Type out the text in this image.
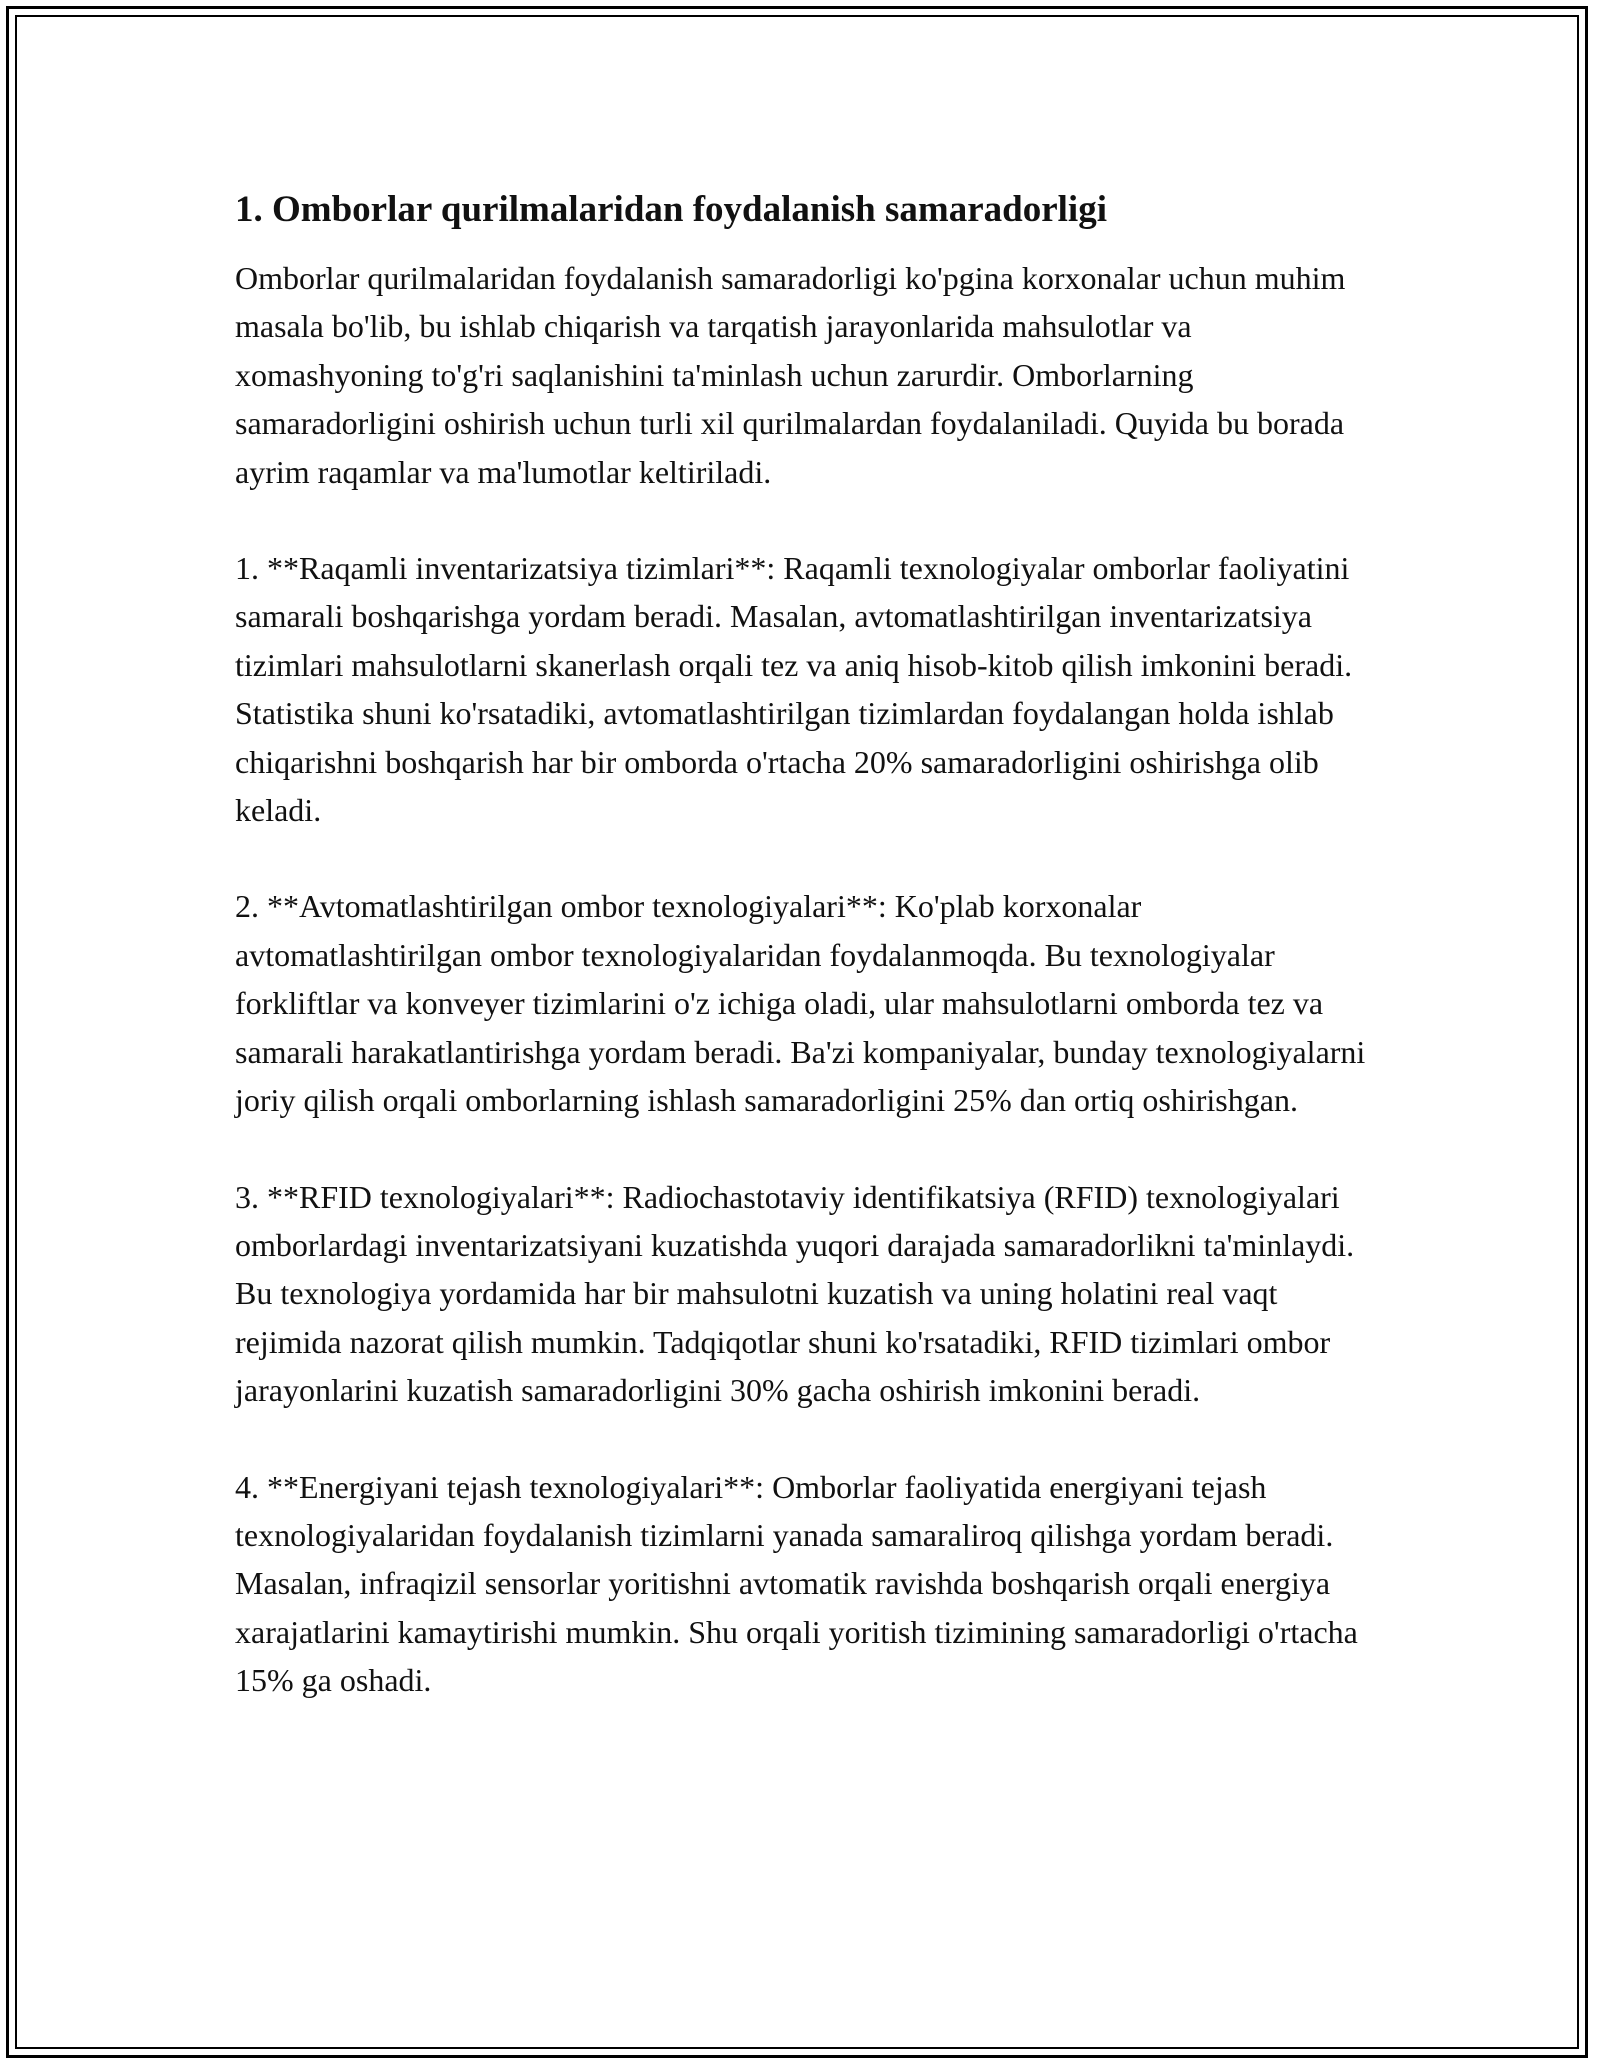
1. Omborlar qurilmalaridan foydalanish samaradorligi

Omborlar qurilmalaridan foydalanish samaradorligi ko'pgina korxonalar uchun muhim masala bo'lib, bu ishlab chiqarish va tarqatish jarayonlarida mahsulotlar va xomashyoning to'g'ri saqlanishini ta'minlash uchun zarurdir. Omborlarning samaradorligini oshirish uchun turli xil qurilmalardan foydalaniladi. Quyida bu borada ayrim raqamlar va ma'lumotlar keltiriladi.

1. **Raqamli inventarizatsiya tizimlari**: Raqamli texnologiyalar omborlar faoliyatini samarali boshqarishga yordam beradi. Masalan, avtomatlashtirilgan inventarizatsiya tizimlari mahsulotlarni skanerlash orqali tez va aniq hisob-kitob qilish imkonini beradi. Statistika shuni ko'rsatadiki, avtomatlashtirilgan tizimlardan foydalangan holda ishlab chiqarishni boshqarish har bir omborda o'rtacha 20% samaradorligini oshirishga olib keladi.

2. **Avtomatlashtirilgan ombor texnologiyalari**: Ko'plab korxonalar avtomatlashtirilgan ombor texnologiyalaridan foydalanmoqda. Bu texnologiyalar forkliftlar va konveyer tizimlarini o'z ichiga oladi, ular mahsulotlarni omborda tez va samarali harakatlantirishga yordam beradi. Ba'zi kompaniyalar, bunday texnologiyalarni joriy qilish orqali omborlarning ishlash samaradorligini 25% dan ortiq oshirishgan.

3. **RFID texnologiyalari**: Radiochastotaviy identifikatsiya (RFID) texnologiyalari omborlardagi inventarizatsiyani kuzatishda yuqori darajada samaradorlikni ta'minlaydi. Bu texnologiya yordamida har bir mahsulotni kuzatish va uning holatini real vaqt rejimida nazorat qilish mumkin. Tadqiqotlar shuni ko'rsatadiki, RFID tizimlari ombor jarayonlarini kuzatish samaradorligini 30% gacha oshirish imkonini beradi.

4. **Energiyani tejash texnologiyalari**: Omborlar faoliyatida energiyani tejash texnologiyalaridan foydalanish tizimlarni yanada samaraliroq qilishga yordam beradi. Masalan, infraqizil sensorlar yoritishni avtomatik ravishda boshqarish orqali energiya xarajatlarini kamaytirishi mumkin. Shu orqali yoritish tizimining samaradorligi o'rtacha 15% ga oshadi.
